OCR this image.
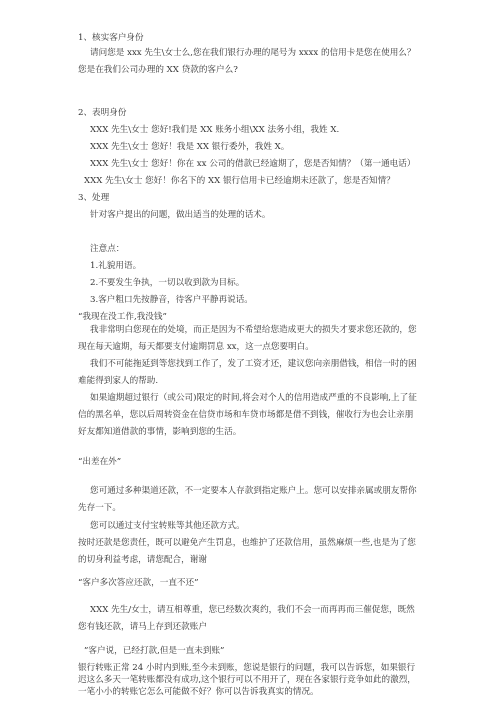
1、核实客户身份
请问您是 xxx 先生\女士么,您在我们银行办理的尾号为 xxxx 的信用卡是您在使用么？您是在我们公司办理的 XX 贷款的客户么?
2、表明身份
XXX 先生\女士 您好!我们是 XX 账务小组\XX 法务小组，我姓 X.
XXX 先生\女士 您好！我是 XX 银行委外，我姓 X。
XXX 先生\女士 您好！你在 xx 公司的借款已经逾期了，您是否知情？（第一通电话）
XXX 先生\女士 您好！你名下的 XX 银行信用卡已经逾期未还款了，您是否知情？
3、处理
针对客户提出的问题，做出适当的处理的话术。
注意点：
1.礼貌用语。
2.不要发生争执，一切以收到款为目标。
3.客户粗口先按静音，待客户平静再说话。
“我现在没工作,我没钱”
我非常明白您现在的处境，而正是因为不希望给您造成更大的损失才要求您还款的，您现在每天逾期，每天都要支付逾期罚息 xx，这一点您要明白。
我们不可能拖延到等您找到工作了，发了工资才还，建议您向亲朋借钱，相信一时的困难能得到家人的帮助.
如果逾期超过银行（或公司)限定的时间,将会对个人的信用造成严重的不良影响,上了征信的黑名单，您以后周转资金在信贷市场和车贷市场都是借不到钱，催收行为也会让亲朋好友都知道借款的事情，影响到您的生活。
“出差在外”
您可通过多种渠道还款，不一定要本人存款到指定账户上。您可以安排亲属或朋友帮你先存一下。
您可以通过支付宝转账等其他还款方式。
按时还款是您责任，既可以避免产生罚息，也维护了还款信用，虽然麻烦一些,也是为了您的切身利益考虑，请您配合，谢谢
“客户多次答应还款，一直不还”
XXX 先生/女士，请互相尊重，您已经数次爽约，我们不会一而再再而三催促您，既然您有钱还款，请马上存到还款账户
”客户说，已经打款,但是一直未到账”
银行转账正常 24 小时内到账,至今未到账，您说是银行的问题，我可以告诉您，如果银行迟这么多天一笔转账都没有成功,这个银行可以不用开了，现在各家银行竞争如此的激烈，一笔小小的转账它怎么可能做不好？你可以告诉我真实的情况。
